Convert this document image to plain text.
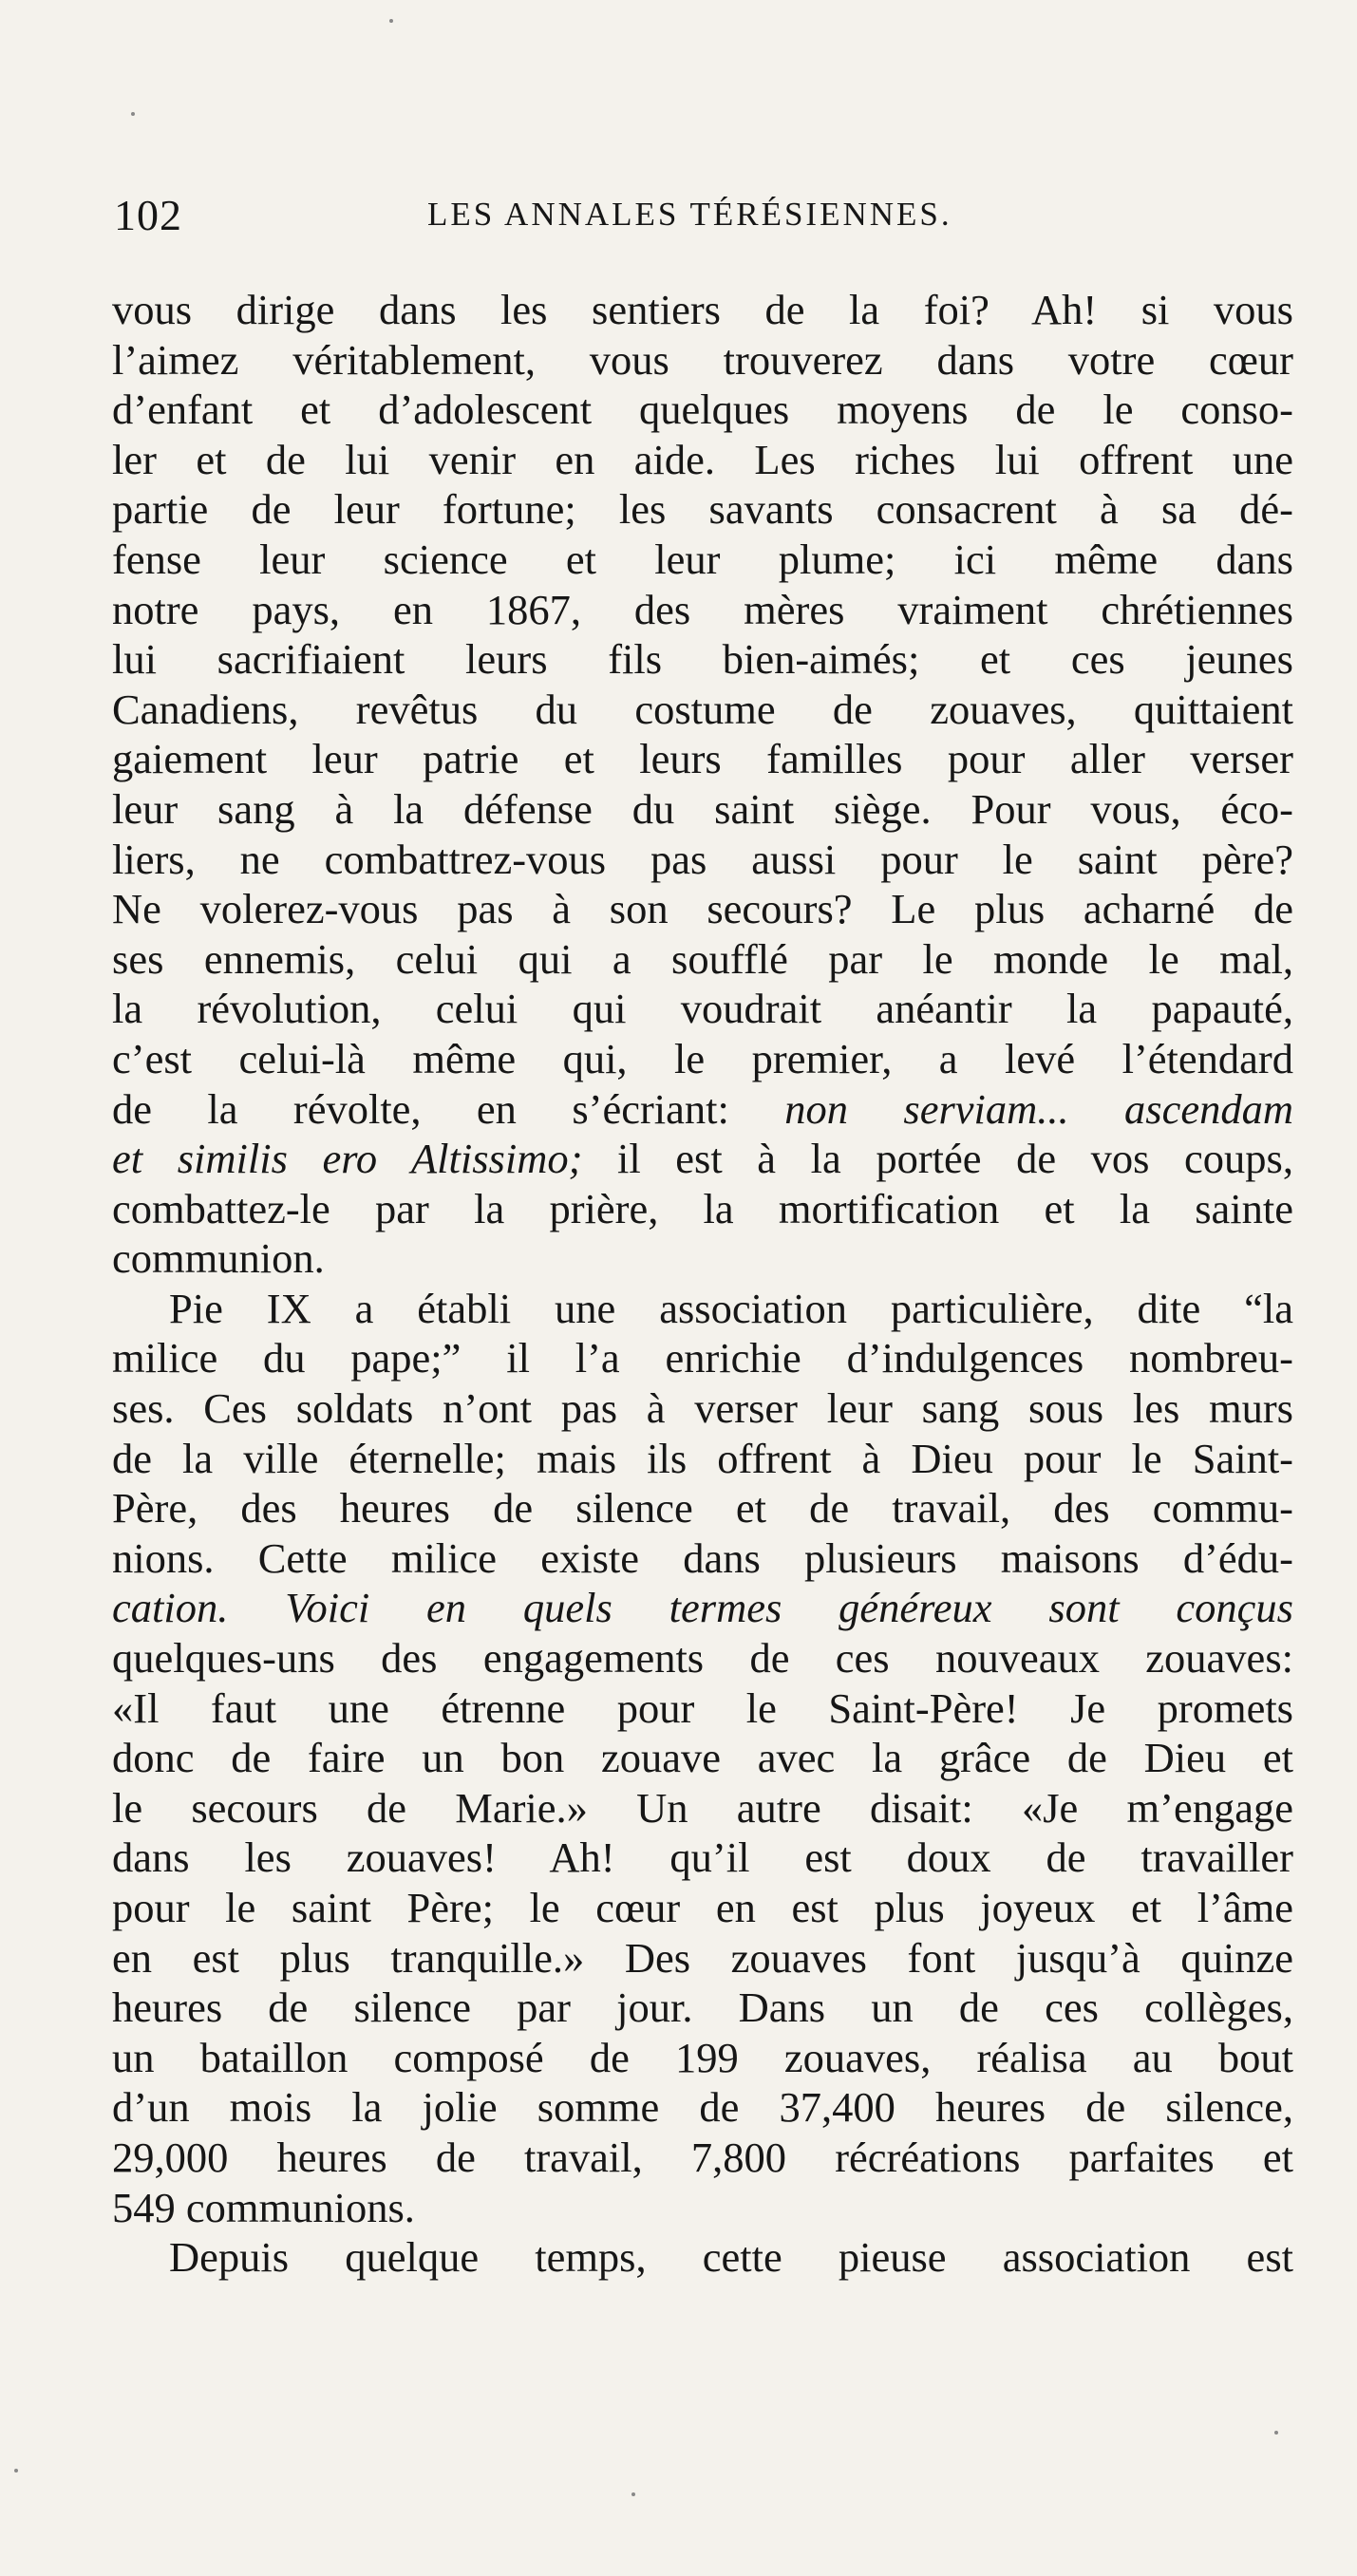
102	LES ANNALES TÉRÉSIENNES.
vous dirige dans les sentiers de la foi? Ah! si vous
l’aimez véritablement, vous trouverez dans votre cœur
d’enfant et d’adolescent quelques moyens de le conso-
ler et de lui venir en aide. Les riches lui offrent une
partie de leur fortune; les savants consacrent à sa dé-
fense leur science et leur plume; ici même dans
notre pays, en 1867, des mères vraiment chrétiennes
lui sacrifiaient leurs fils bien-aimés; et ces jeunes
Canadiens, revêtus du costume de zouaves, quittaient
gaiement leur patrie et leurs familles pour aller verser
leur sang à la défense du saint siège. Pour vous, éco-
liers, ne combattrez-vous pas aussi pour le saint père?
Ne volerez-vous pas à son secours? Le plus acharné de
ses ennemis, celui qui a soufflé par le monde le mal,
la révolution, celui qui voudrait anéantir la papauté,
c’est celui-là même qui, le premier, a levé l’étendard
de la révolte, en s’écriant: non serviam... ascendam
et similis ero Altissimo; il est à la portée de vos coups,
combattez-le par la prière, la mortification et la sainte
communion.
Pie IX a établi une association particulière, dite “la
milice du pape;” il l’a enrichie d’indulgences nombreu-
ses. Ces soldats n’ont pas à verser leur sang sous les murs
de la ville éternelle; mais ils offrent à Dieu pour le Saint-
Père, des heures de silence et de travail, des commu-
nions. Cette milice existe dans plusieurs maisons d’édu-
cation. Voici en quels termes généreux sont conçus
quelques-uns des engagements de ces nouveaux zouaves:
«Il faut une étrenne pour le Saint-Père! Je promets
donc de faire un bon zouave avec la grâce de Dieu et
le secours de Marie.» Un autre disait: «Je m’engage
dans les zouaves! Ah! qu’il est doux de travailler
pour le saint Père; le cœur en est plus joyeux et l’âme
en est plus tranquille.» Des zouaves font jusqu’à quinze
heures de silence par jour. Dans un de ces collèges,
un bataillon composé de 199 zouaves, réalisa au bout
d’un mois la jolie somme de 37,400 heures de silence,
29,000 heures de travail, 7,800 récréations parfaites et
549 communions.
Depuis quelque temps, cette pieuse association est
